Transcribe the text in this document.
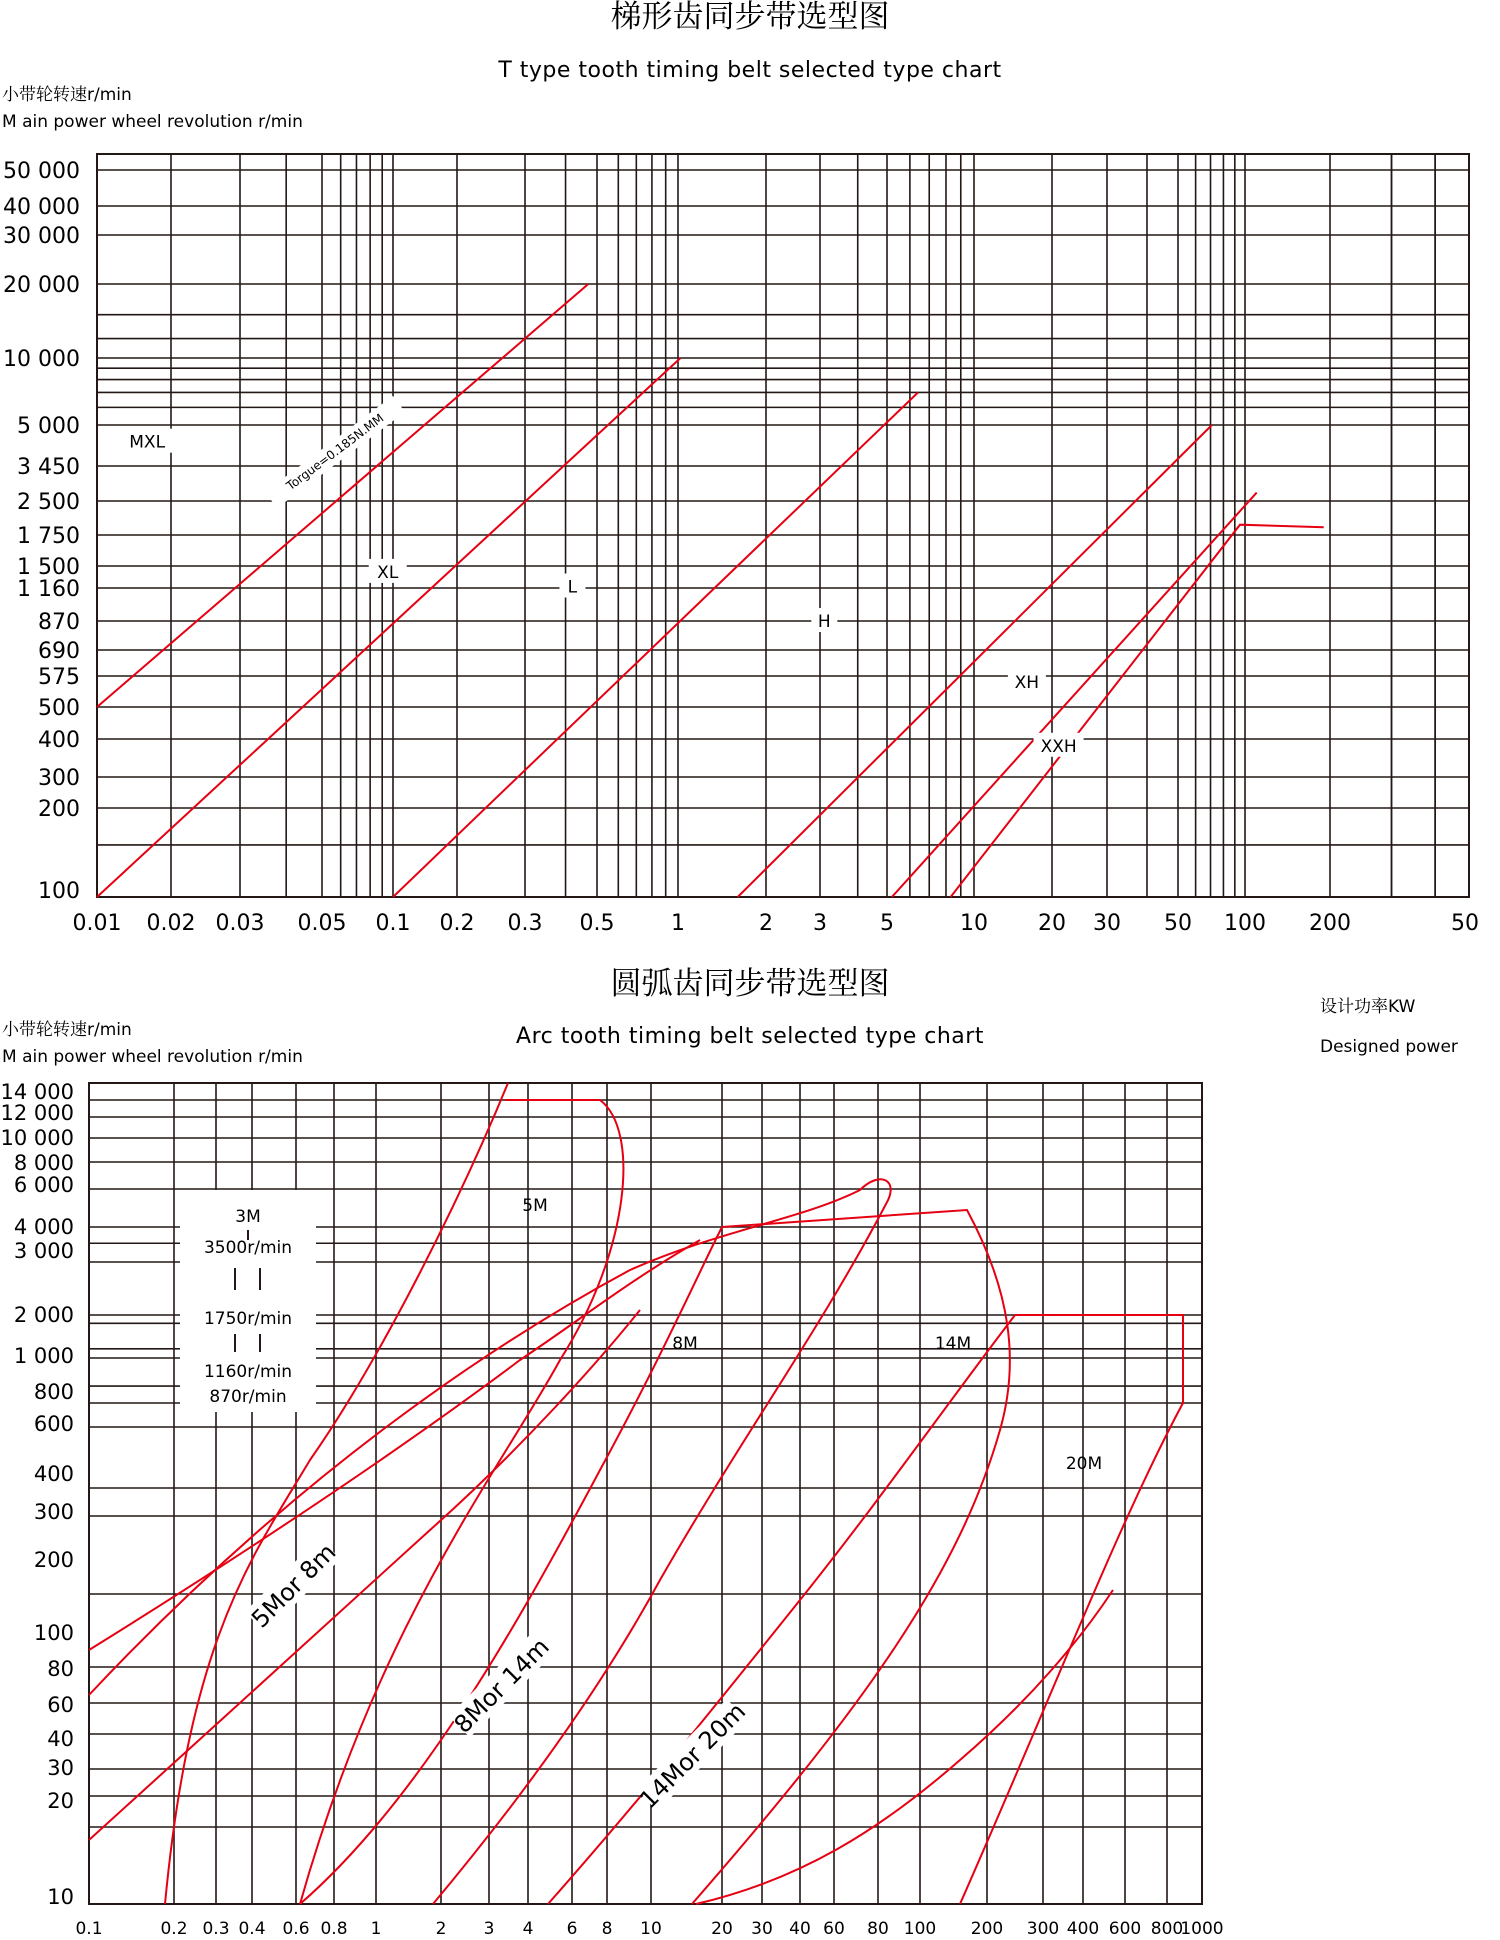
梯形齿同步带选型图
T type tooth timing belt selected type chart
小带轮转速r/min
M ain power wheel revolution r/min
50 000
40 000
30 000
20 000
10 000
5 000
3 450
2 500
1 750
1 500
1 160
870
690
575
500
400
300
200
100
0.01 0.02 0.03 0.05 0.1 0.2 0.3 0.5	1	2 3 5	10 20 30 50 100 200	50
MXL
XL
L
H
XH
XXH
Torgue=0.185N.MM
圆弧齿同步带选型图
Arc tooth timing belt selected type chart
小带轮转速r/min
M ain power wheel revolution r/min
设计功率KW
Designed power
14 000
12 000
10 000
8 000
6 000
4 000
3 000
2 000
1 000
800
600
400
300
200
100
80
60
40
30
20
10
0.1	0.2 0.3 0.4 0.6 0.8 1	2 3 4 6 8 10	20 30 40 60 80 100 200 300 400 600 800
1000
3M
3500r/min
1750r/min
1160r/min
870r/min
5M
8M	14M
20M
5Mor 8m
8Mor 14m
14Mor 20m
